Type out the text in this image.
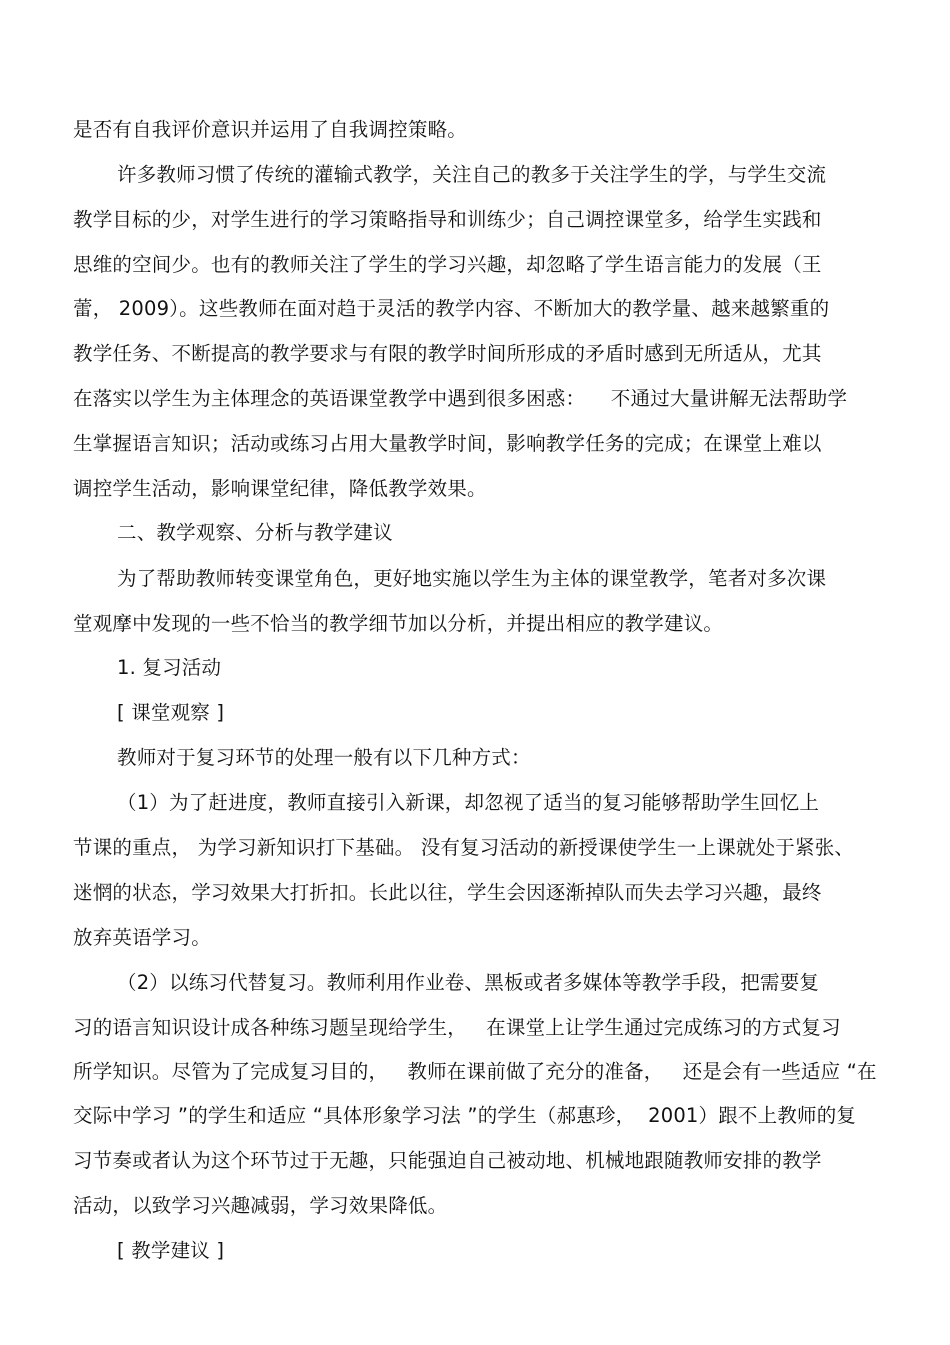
是否有自我评价意识并运用了自我调控策略。

许多教师习惯了传统的灌输式教学，关注自己的教多于关注学生的学，与学生交流

教学目标的少，对学生进行的学习策略指导和训练少；自己调控课堂多，给学生实践和

思维的空间少。也有的教师关注了学生的学习兴趣，却忽略了学生语言能力的发展（王

蕾， 2009）。这些教师在面对趋于灵活的教学内容、不断加大的教学量、越来越繁重的

教学任务、不断提高的教学要求与有限的教学时间所形成的矛盾时感到无所适从，尤其

在落实以学生为主体理念的英语课堂教学中遇到很多困惑：    不通过大量讲解无法帮助学

生掌握语言知识；活动或练习占用大量教学时间，影响教学任务的完成；在课堂上难以

调控学生活动，影响课堂纪律，降低教学效果。

二、教学观察、分析与教学建议

为了帮助教师转变课堂角色，更好地实施以学生为主体的课堂教学，笔者对多次课

堂观摩中发现的一些不恰当的教学细节加以分析，并提出相应的教学建议。

1. 复习活动

[ 课堂观察 ]

教师对于复习环节的处理一般有以下几种方式：

（1）为了赶进度，教师直接引入新课，却忽视了适当的复习能够帮助学生回忆上

节课的重点， 为学习新知识打下基础。 没有复习活动的新授课使学生一上课就处于紧张、

迷惘的状态，学习效果大打折扣。长此以往，学生会因逐渐掉队而失去学习兴趣，最终

放弃英语学习。

（2）以练习代替复习。教师利用作业卷、黑板或者多媒体等教学手段，把需要复

习的语言知识设计成各种练习题呈现给学生，   在课堂上让学生通过完成练习的方式复习

所学知识。尽管为了完成复习目的，   教师在课前做了充分的准备，   还是会有一些适应 “在

交际中学习 ”的学生和适应 “具体形象学习法 ”的学生（郝惠珍，  2001）跟不上教师的复

习节奏或者认为这个环节过于无趣，只能强迫自己被动地、机械地跟随教师安排的教学

活动，以致学习兴趣减弱，学习效果降低。

[ 教学建议 ]
